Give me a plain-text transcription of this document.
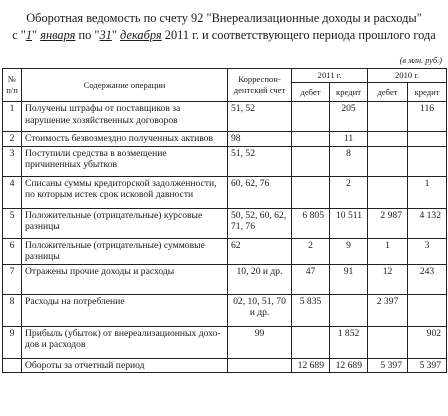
Оборотная ведомость по счету 92 "Внереализационные доходы и расходы"
с "1" января по "31" декабря 2011 г. и соответствующего периода прошлого года
(в млн. руб.)
№ п/п	Содержание операции	Корреспон-дентский счет	2011 г.		2010 г.	
			дебет	кредит	дебет	кредит
1	Получены штрафы от поставщиков за нарушение хозяйственных договоров	51, 52		205		116
2	Стоимость безвозмездно полученных активов	98		11		
3	Поступили средства в возмещение причиненных убытков	51, 52		8		
4	Списаны суммы кредиторской задолженности, по которым истек срок исковой давности	60, 62, 76		2		1
5	Положительные (отрицательные) курсовые разницы	50, 52, 60, 62, 71, 76	6 805	10 511	2 987	4 132
6	Положительные (отрицательные) суммовые разницы	62	2	9	1	3
7	Отражены прочие доходы и расходы	10, 20 и др.	47	91	12	243
8	Расходы на потребление	02, 10, 51, 70 и др.	5 835		2 397	
9	Прибыль (убыток) от внереализационных дохо-дов и расходов	99		1 852		902
	Обороты за отчетный период		12 689	12 689	5 397	5 397
